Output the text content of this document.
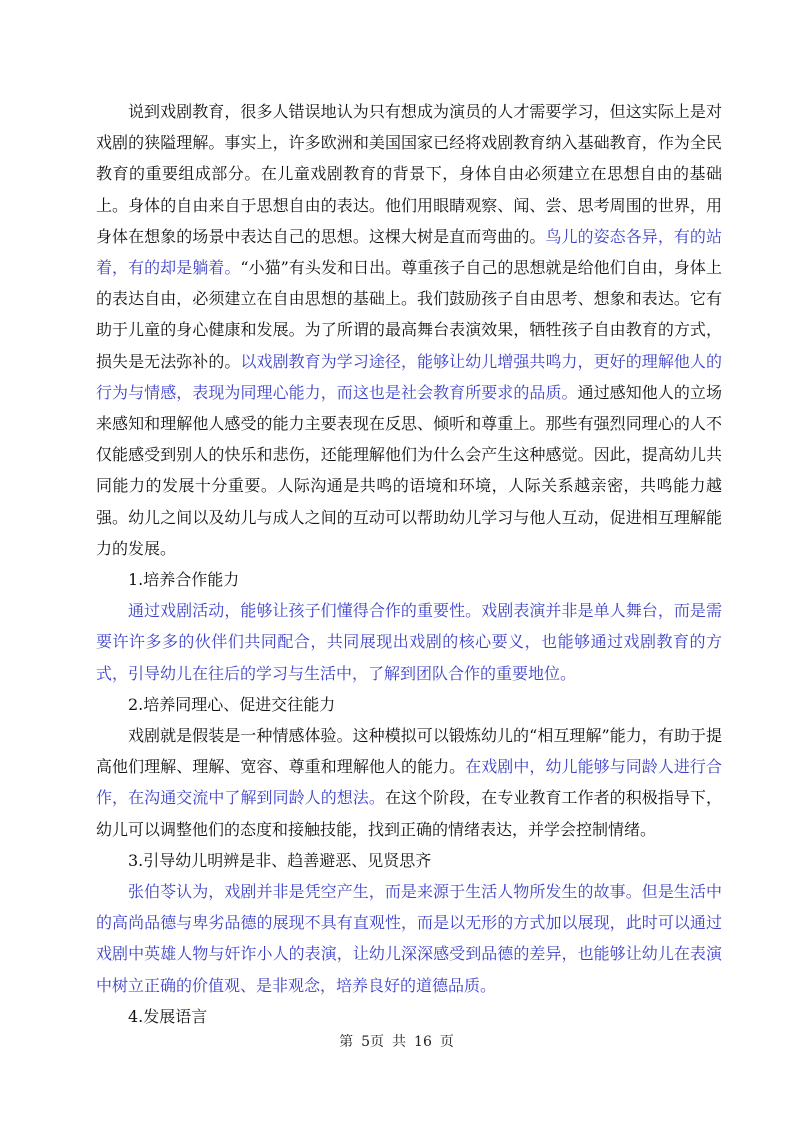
说到戏剧教育，很多人错误地认为只有想成为演员的人才需要学习，但这实际上是对戏剧的狭隘理解。事实上，许多欧洲和美国国家已经将戏剧教育纳入基础教育，作为全民教育的重要组成部分。在儿童戏剧教育的背景下，身体自由必须建立在思想自由的基础上。身体的自由来自于思想自由的表达。他们用眼睛观察、闻、尝、思考周围的世界，用身体在想象的场景中表达自己的思想。这棵大树是直而弯曲的。鸟儿的姿态各异，有的站着，有的却是躺着。“小猫”有头发和日出。尊重孩子自己的思想就是给他们自由，身体上的表达自由，必须建立在自由思想的基础上。我们鼓励孩子自由思考、想象和表达。它有助于儿童的身心健康和发展。为了所谓的最高舞台表演效果，牺牲孩子自由教育的方式，损失是无法弥补的。以戏剧教育为学习途径，能够让幼儿增强共鸣力，更好的理解他人的行为与情感，表现为同理心能力，而这也是社会教育所要求的品质。通过感知他人的立场来感知和理解他人感受的能力主要表现在反思、倾听和尊重上。那些有强烈同理心的人不仅能感受到别人的快乐和悲伤，还能理解他们为什么会产生这种感觉。因此，提高幼儿共同能力的发展十分重要。人际沟通是共鸣的语境和环境，人际关系越亲密，共鸣能力越强。幼儿之间以及幼儿与成人之间的互动可以帮助幼儿学习与他人互动，促进相互理解能力的发展。

1.培养合作能力

通过戏剧活动，能够让孩子们懂得合作的重要性。戏剧表演并非是单人舞台，而是需要许许多多的伙伴们共同配合，共同展现出戏剧的核心要义，也能够通过戏剧教育的方式，引导幼儿在往后的学习与生活中，了解到团队合作的重要地位。

2.培养同理心、促进交往能力

戏剧就是假装是一种情感体验。这种模拟可以锻炼幼儿的“相互理解”能力，有助于提高他们理解、理解、宽容、尊重和理解他人的能力。在戏剧中，幼儿能够与同龄人进行合作，在沟通交流中了解到同龄人的想法。在这个阶段，在专业教育工作者的积极指导下，幼儿可以调整他们的态度和接触技能，找到正确的情绪表达，并学会控制情绪。

3.引导幼儿明辨是非、趋善避恶、见贤思齐

张伯苓认为，戏剧并非是凭空产生，而是来源于生活人物所发生的故事。但是生活中的高尚品德与卑劣品德的展现不具有直观性，而是以无形的方式加以展现，此时可以通过戏剧中英雄人物与奸诈小人的表演，让幼儿深深感受到品德的差异，也能够让幼儿在表演中树立正确的价值观、是非观念，培养良好的道德品质。

4.发展语言

第 5页 共 16 页
